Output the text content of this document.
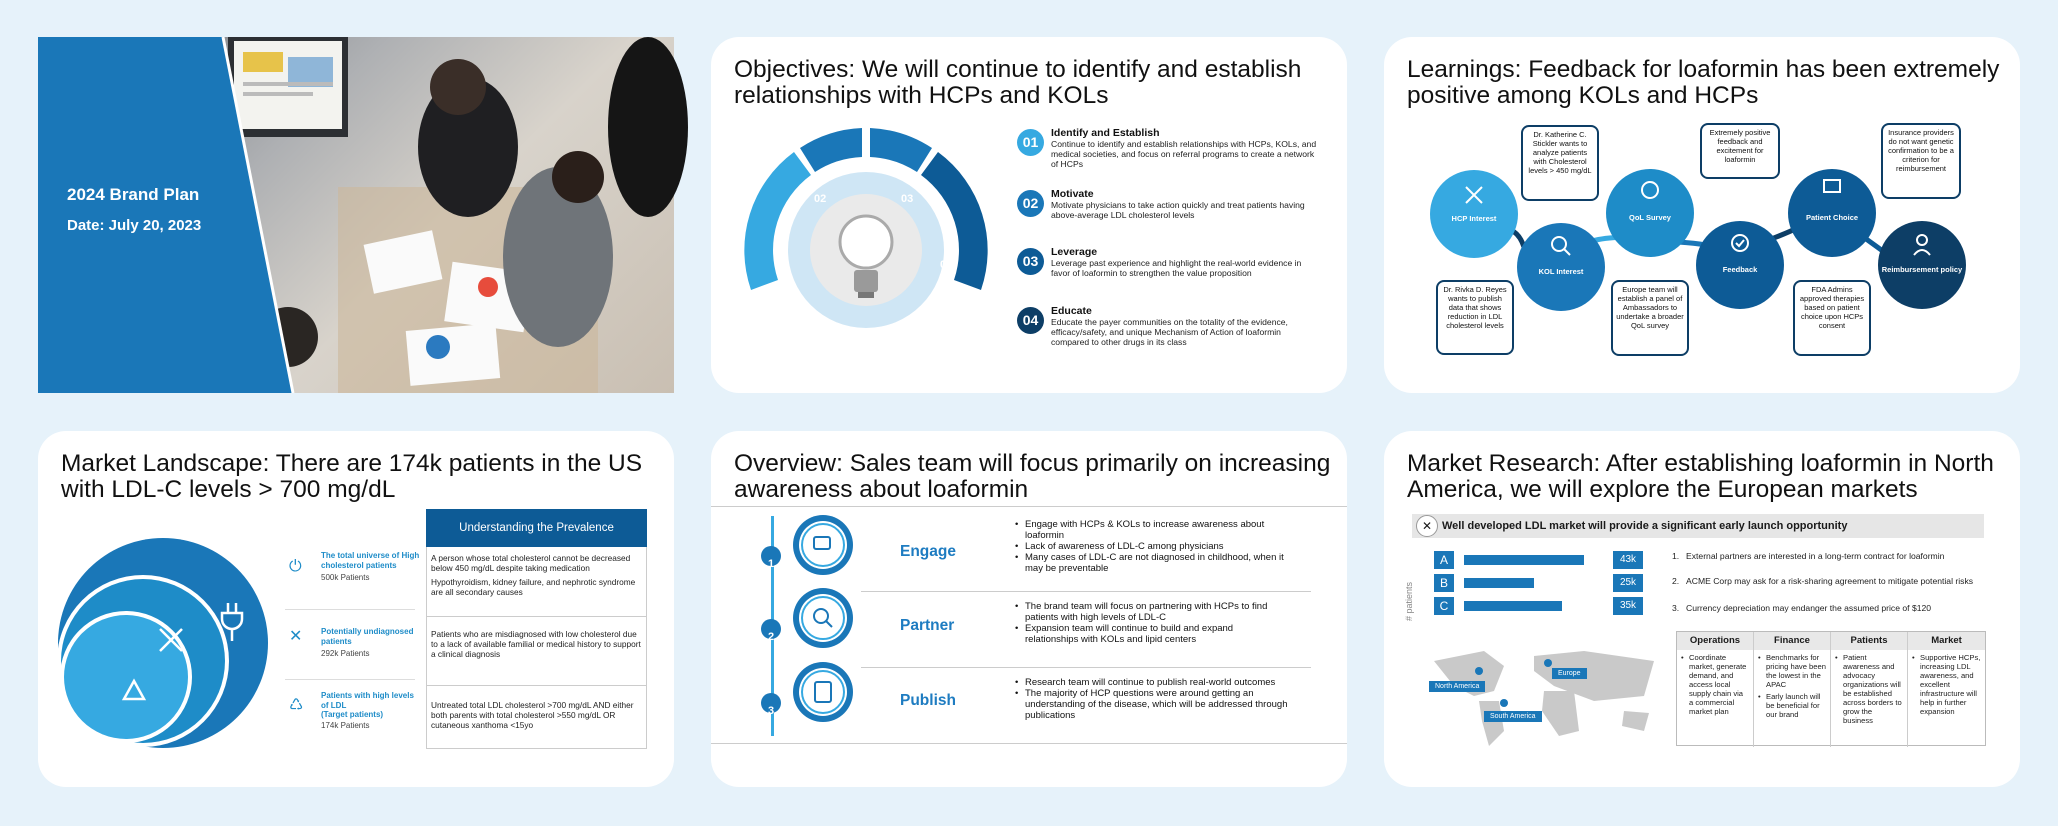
2024 Brand Plan
Date: July 20, 2023
Objectives: We will continue to identify and establish relationships with HCPs and KOLs
01
02	03
04
01
Identify and Establish
Continue to identify and establish relationships with HCPs, KOLs, and medical societies, and focus on referral programs to create a network of HCPs
02
Motivate
Motivate physicians to take action quickly and treat patients having above-average LDL cholesterol levels
03
Leverage
Leverage past experience and highlight the real-world evidence in favor of loaformin to strengthen the value proposition
04
Educate
Educate the payer communities on the totality of the evidence, efficacy/safety, and unique Mechanism of Action of loaformin compared to other drugs in its class
Learnings: Feedback for loaformin has been extremely positive among KOLs and HCPs
HCP Interest
KOL Interest
QoL Survey
Feedback
Patient Choice
Reimbursement policy
Dr. Rivka D. Reyes wants to publish data that shows reduction in LDL cholesterol levels
Dr. Katherine C. Stickler wants to analyze patients with Cholesterol levels > 450 mg/dL
Europe team will establish a panel of Ambassadors to undertake a broader QoL survey
Extremely positive feedback and excitement for loaformin
FDA Admins approved therapies based on patient choice upon HCPs consent
Insurance providers do not want genetic confirmation to be a criterion for reimbursement
Market Landscape: There are 174k patients in the US with LDL-C levels > 700 mg/dL
⏻
✕
♺
The total universe of High cholesterol patients
500k Patients
Potentially undiagnosed patients
292k Patients
Patients with high levels of LDL
(Target patients)
174k Patients
Understanding the Prevalence
A person whose total cholesterol cannot be decreased below 450 mg/dL despite taking medication
Hypothyroidism, kidney failure, and nephrotic syndrome are all secondary causes
Patients who are misdiagnosed with low cholesterol due to a lack of available familial or medical history to support a clinical diagnosis
Untreated total LDL cholesterol >700 mg/dL AND either both parents with total cholesterol >550 mg/dL OR cutaneous xanthoma <15yo
Overview: Sales team will focus primarily on increasing awareness about loaformin
2
1
3
Engage
• Engage with HCPs & KOLs to increase awareness about loaformin
• Lack of awareness of LDL-C among physicians
• Many cases of LDL-C are not diagnosed in childhood, when it may be preventable
Partner
• The brand team will focus on partnering with HCPs to find patients with high levels of LDL-C
• Expansion team will continue to build and expand relationships with KOLs and lipid centers
Publish
• Research team will continue to publish real-world outcomes
• The majority of HCP questions were around getting an understanding of the disease, which will be addressed through publications
Market Research: After establishing loaformin in North America, we will explore the European markets
Well developed LDL market will provide a significant early launch opportunity
✕
# patients
A
B
C
43k
25k
35k
North America
Europe
South America
1. External partners are interested in a long-term contract for loaformin
2. ACME Corp may ask for a risk-sharing agreement to mitigate potential risks
3. Currency depreciation may endanger the assumed price of $120
Operations
• Coordinate market, generate demand, and access local supply chain via a commercial market plan
Finance
• Benchmarks for pricing have been the lowest in the APAC
• Early launch will be beneficial for our brand
Patients
• Patient awareness and advocacy organizations will be established across borders to grow the business
Market
• Supportive HCPs, increasing LDL awareness, and excellent infrastructure will help in further expansion
